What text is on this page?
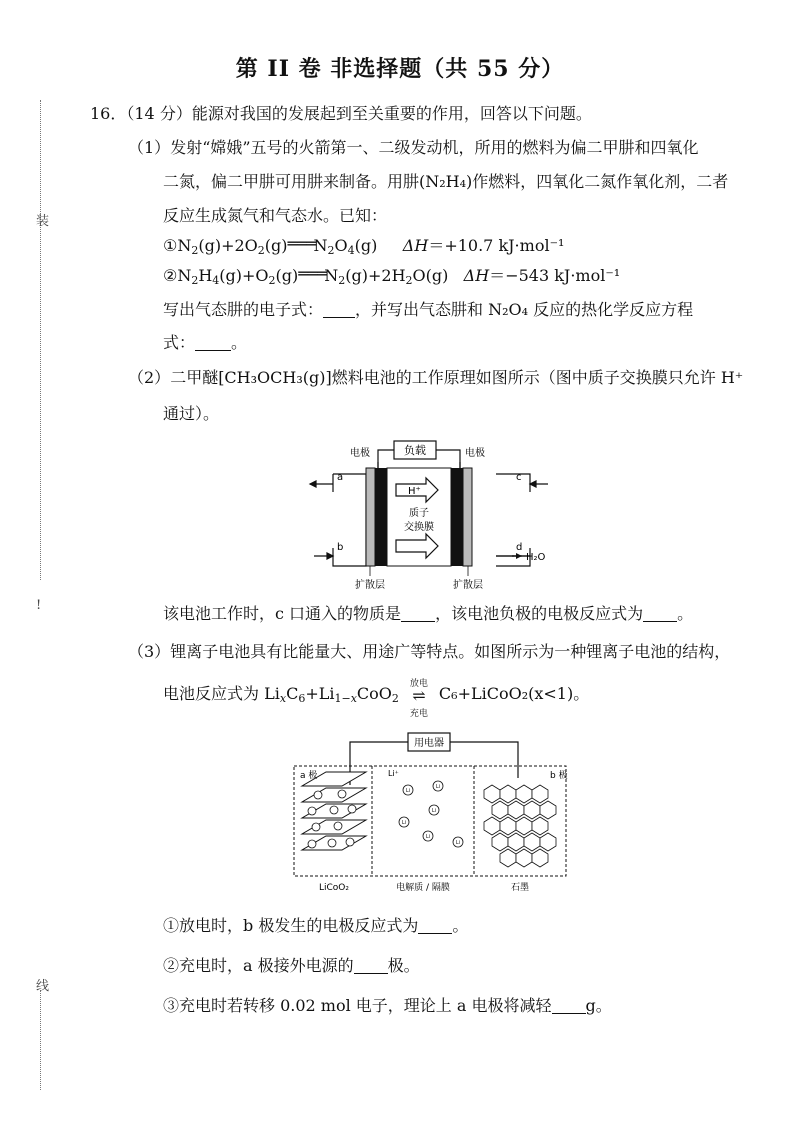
装
!
线
第 II 卷 非选择题（共 55 分）
16．（14 分）能源对我国的发展起到至关重要的作用，回答以下问题。
（1）发射“嫦娥”五号的火箭第一、二级发动机，所用的燃料为偏二甲肼和四氧化
二氮，偏二甲肼可用肼来制备。用肼(N₂H₄)作燃料，四氧化二氮作氧化剂，二者
反应生成氮气和气态水。已知：
$①N_2(g)+2O_2(g)═══N_2O_4(g)$     ΔH＝+10.7 kJ·mol⁻¹
$②N_2H_4(g)+O_2(g)═══N_2(g)+2H_2O(g)$   ΔH＝−543 kJ·mol⁻¹
写出气态肼的电子式： ，并写出气态肼和 N₂O₄ 反应的热化学反应方程
式： 。
（2）二甲醚[CH₃OCH₃(g)]燃料电池的工作原理如图所示（图中质子交换膜只允许 H⁺
通过）。
负载
电极	电极
a
b
c
d
H⁺
质子
交换膜
H₂O
扩散层	扩散层
该电池工作时，c 口通入的物质是 ，该电池负极的电极反应式为 。
（3）锂离子电池具有比能量大、用途广等特点。如图所示为一种锂离子电池的结构，
电池反应式为 $Li_xC_6+Li_{1-x}CoO_2$
放电
⇌
充电
C₆+LiCoO₂(x<1)。
Li
Li
Li
Li
Li
Li
用电器
a 极	b 极
Li⁺
LiCoO₂	电解质 / 隔膜	石墨
①放电时，b 极发生的电极反应式为 。
②充电时，a 极接外电源的 极。
③充电时若转移 0.02 mol 电子，理论上 a 电极将减轻 g。
